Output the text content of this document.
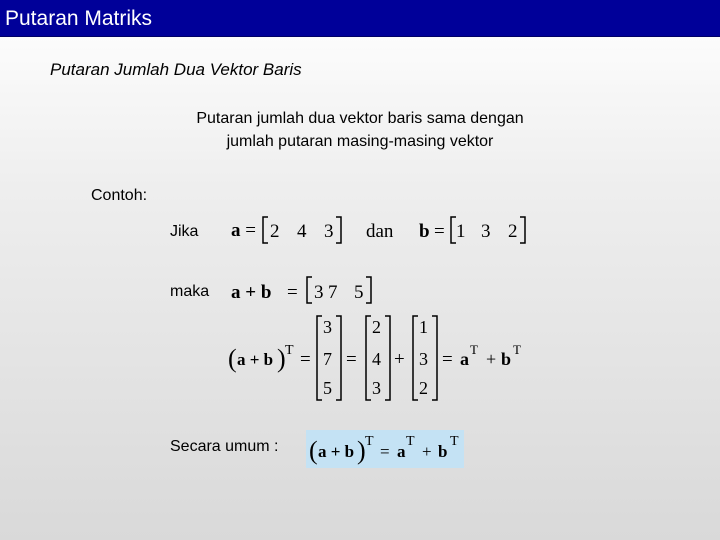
Putaran Matriks
Putaran Jumlah Dua Vektor Baris
Putaran jumlah dua vektor baris sama dengan
jumlah putaran masing-masing vektor
Contoh:
Jika
maka
Secara umum :
a = 2 4 3 dan b = 1 3 2
a + b = 3 7 5
( a + b ) T =
3
7
5
=
2
4
3
+
1
3
2
= a T + b T
( a + b ) T
= a
T
+ b
T
